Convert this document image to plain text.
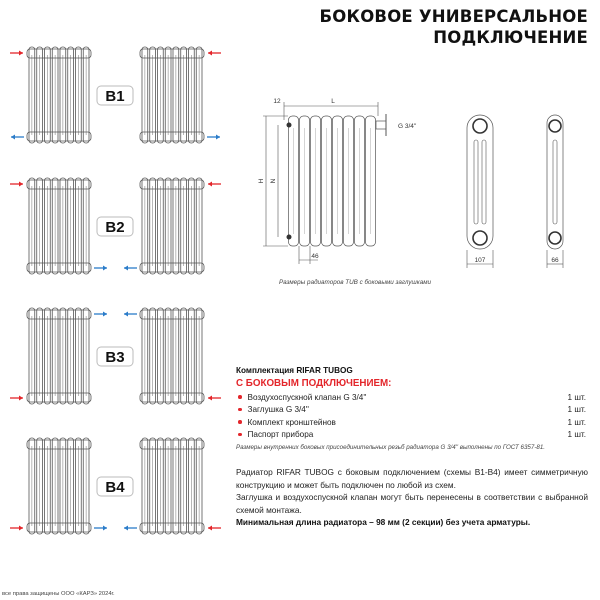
БОКОВОЕ УНИВЕРСАЛЬНОЕ
ПОДКЛЮЧЕНИЕ
B1
B2
B3
B4
12	L
G 3/4''
H N
46
107	66
Размеры радиаторов TUB с боковыми заглушками
Комплектация RIFAR TUBOG
С БОКОВЫМ ПОДКЛЮЧЕНИЕМ:
Воздухоспускной клапан G 3/4''	1 шт.
Заглушка G 3/4''	1 шт.
Комплект кронштейнов	1 шт.
Паспорт прибора	1 шт.
Размеры внутренних боковых присоединительных резьб радиатора G 3/4'' выполнены по ГОСТ 6357-81.
Радиатор RIFAR TUBOG с боковым подключением (схемы В1-В4) имеет симметричную конструкцию и может быть подключен по любой из схем.
Заглушка и воздухоспускной клапан могут быть перенесены в соответствии с выбранной схемой монтажа.
Минимальная длина радиатора – 98 мм (2 секции) без учета арматуры.
все права защищены ООО «КАРЗ» 2024г.
